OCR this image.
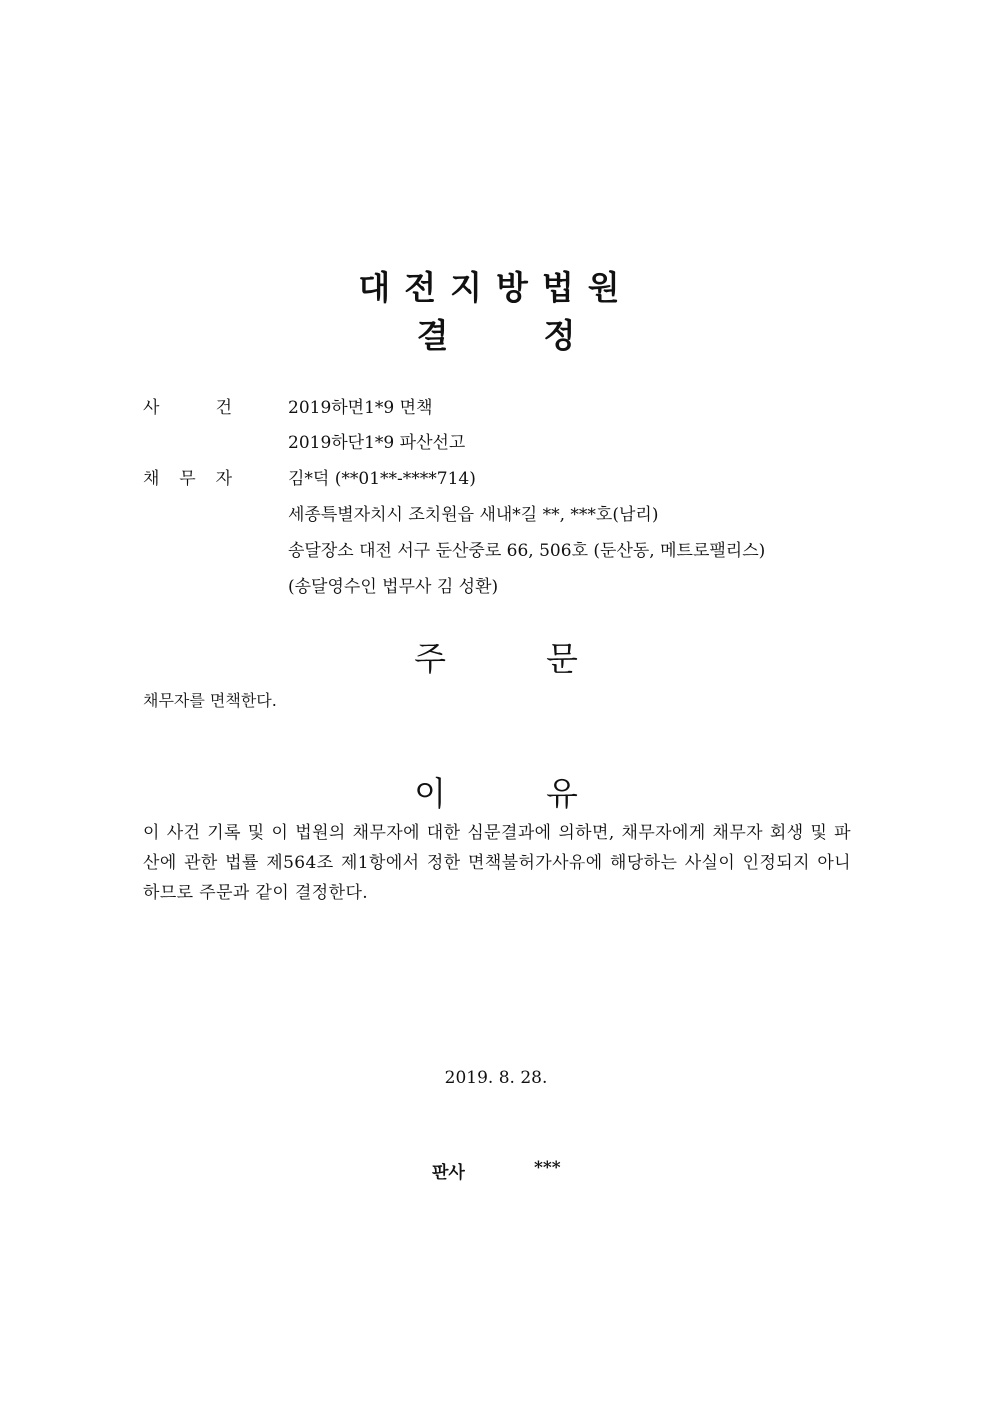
대전지방법원
결	정
사	건	2019하면1*9 면책
2019하단1*9 파산선고
채 무 자	김*덕 (**01**-****714)
세종특별자치시 조치원읍 새내*길 **, ***호(남리)
송달장소 대전 서구 둔산중로 66, 506호 (둔산동, 메트로팰리스)
(송달영수인 법무사 김 성환)
주	문
채무자를 면책한다.
이	유
이 사건 기록 및 이 법원의 채무자에 대한 심문결과에 의하면, 채무자에게 채무자 회생 및 파산에 관한 법률 제564조 제1항에서 정한 면책불허가사유에 해당하는 사실이 인정되지 아니하므로 주문과 같이 결정한다.
2019. 8. 28.
판사	***
